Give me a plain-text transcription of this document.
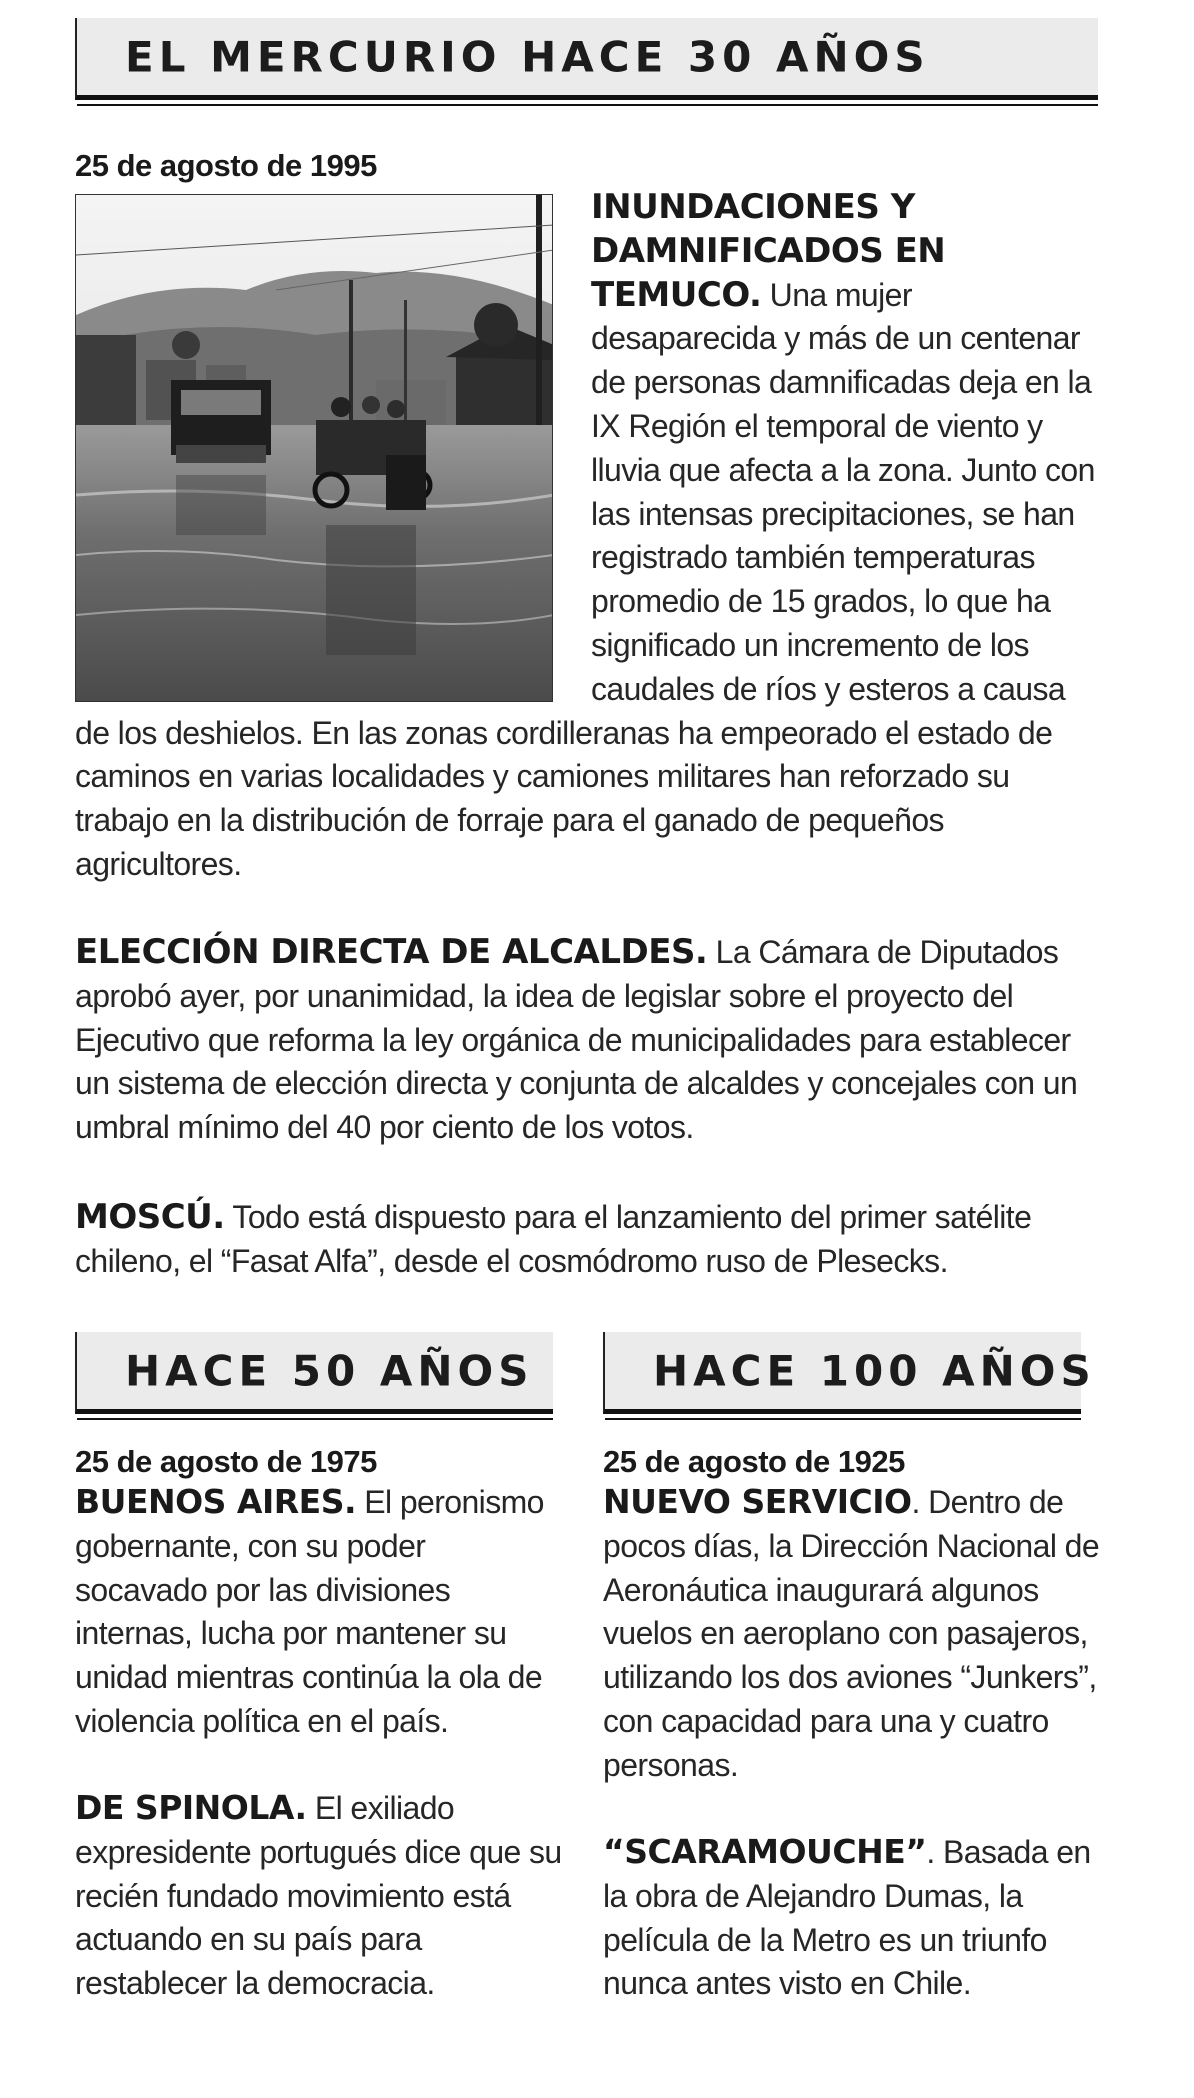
EL MERCURIO HACE 30 AÑOS
25 de agosto de 1995
INUNDACIONES Y DAMNIFICADOS EN TEMUCO. Una mujer desaparecida y más de un centenar de personas damnificadas deja en la IX Región el temporal de viento y lluvia que afecta a la zona. Junto con las intensas precipitaciones, se han registrado también temperaturas promedio de 15 grados, lo que ha significado un incremento de los caudales de ríos y esteros a causa de los deshielos. En las zonas cordilleranas ha empeorado el estado de caminos en varias localidades y camiones militares han reforzado su trabajo en la distribución de forraje para el ganado de pequeños agricultores.
ELECCIÓN DIRECTA DE ALCALDES. La Cámara de Diputados aprobó ayer, por unanimidad, la idea de legislar sobre el proyecto del Ejecutivo que reforma la ley orgánica de municipalidades para establecer un sistema de elección directa y conjunta de alcaldes y concejales con un umbral mínimo del 40 por ciento de los votos.
MOSCÚ. Todo está dispuesto para el lanzamiento del primer satélite chileno, el “Fasat Alfa”, desde el cosmódromo ruso de Plesecks.
HACE 50 AÑOS
25 de agosto de 1975
BUENOS AIRES. El peronismo gobernante, con su poder socavado por las divisiones internas, lucha por mantener su unidad mientras continúa la ola de violencia política en el país.
DE SPINOLA. El exiliado expresidente portugués dice que su recién fundado movimiento está actuando en su país para restablecer la democracia.
HACE 100 AÑOS
25 de agosto de 1925
NUEVO SERVICIO. Dentro de pocos días, la Dirección Nacional de Aeronáutica inaugurará algunos vuelos en aeroplano con pasajeros, utilizando los dos aviones “Junkers”, con capacidad para una y cuatro personas.
“SCARAMOUCHE”. Basada en la obra de Alejandro Dumas, la película de la Metro es un triunfo nunca antes visto en Chile.
